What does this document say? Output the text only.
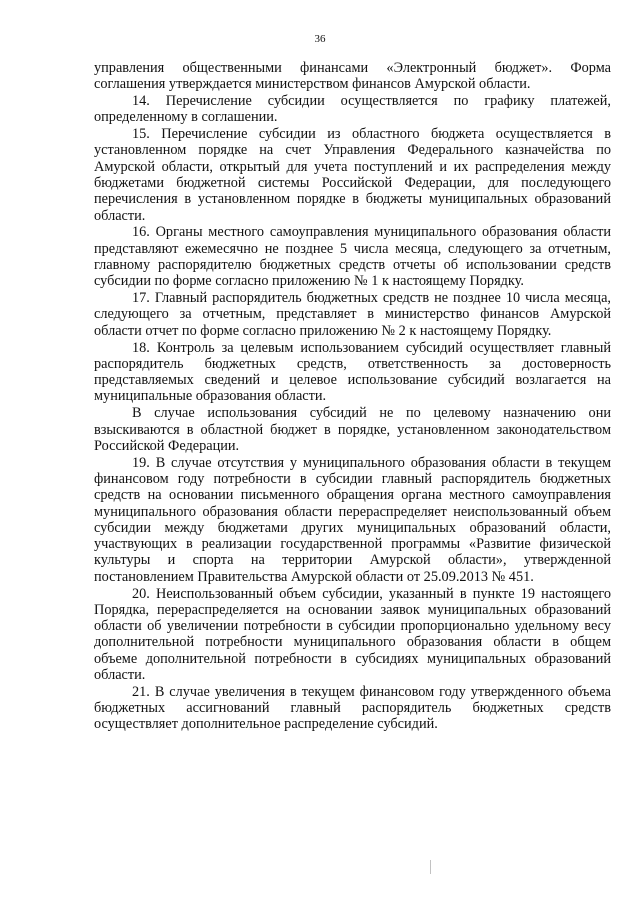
36

управления общественными финансами «Электронный бюджет». Форма соглашения утверждается министерством финансов Амурской области.

14. Перечисление субсидии осуществляется по графику платежей, определенному в соглашении.

15. Перечисление субсидии из областного бюджета осуществляется в установленном порядке на счет Управления Федерального казначейства по Амурской области, открытый для учета поступлений и их распределения между бюджетами бюджетной системы Российской Федерации, для последующего перечисления в установленном порядке в бюджеты муниципальных образований области.

16. Органы местного самоуправления муниципального образования области представляют ежемесячно не позднее 5 числа месяца, следующего за отчетным, главному распорядителю бюджетных средств отчеты об использовании средств субсидии по форме согласно приложению № 1 к настоящему Порядку.

17. Главный распорядитель бюджетных средств не позднее 10 числа месяца, следующего за отчетным, представляет в министерство финансов Амурской области отчет по форме согласно приложению № 2 к настоящему Порядку.

18. Контроль за целевым использованием субсидий осуществляет главный распорядитель бюджетных средств, ответственность за достоверность представляемых сведений и целевое использование субсидий возлагается на муниципальные образования области.

В случае использования субсидий не по целевому назначению они взыскиваются в областной бюджет в порядке, установленном законодательством Российской Федерации.

19. В случае отсутствия у муниципального образования области в текущем финансовом году потребности в субсидии главный распорядитель бюджетных средств на основании письменного обращения органа местного самоуправления муниципального образования области перераспределяет неиспользованный объем субсидии между бюджетами других муниципальных образований области, участвующих в реализации государственной программы «Развитие физической культуры и спорта на территории Амурской области», утвержденной постановлением Правительства Амурской области от 25.09.2013 № 451.

20. Неиспользованный объем субсидии, указанный в пункте 19 настоящего Порядка, перераспределяется на основании заявок муниципальных образований области об увеличении потребности в субсидии пропорционально удельному весу дополнительной потребности муниципального образования области в общем объеме дополнительной потребности в субсидиях муниципальных образований области.

21. В случае увеличения в текущем финансовом году утвержденного объема бюджетных ассигнований главный распорядитель бюджетных средств осуществляет дополнительное распределение субсидий.
